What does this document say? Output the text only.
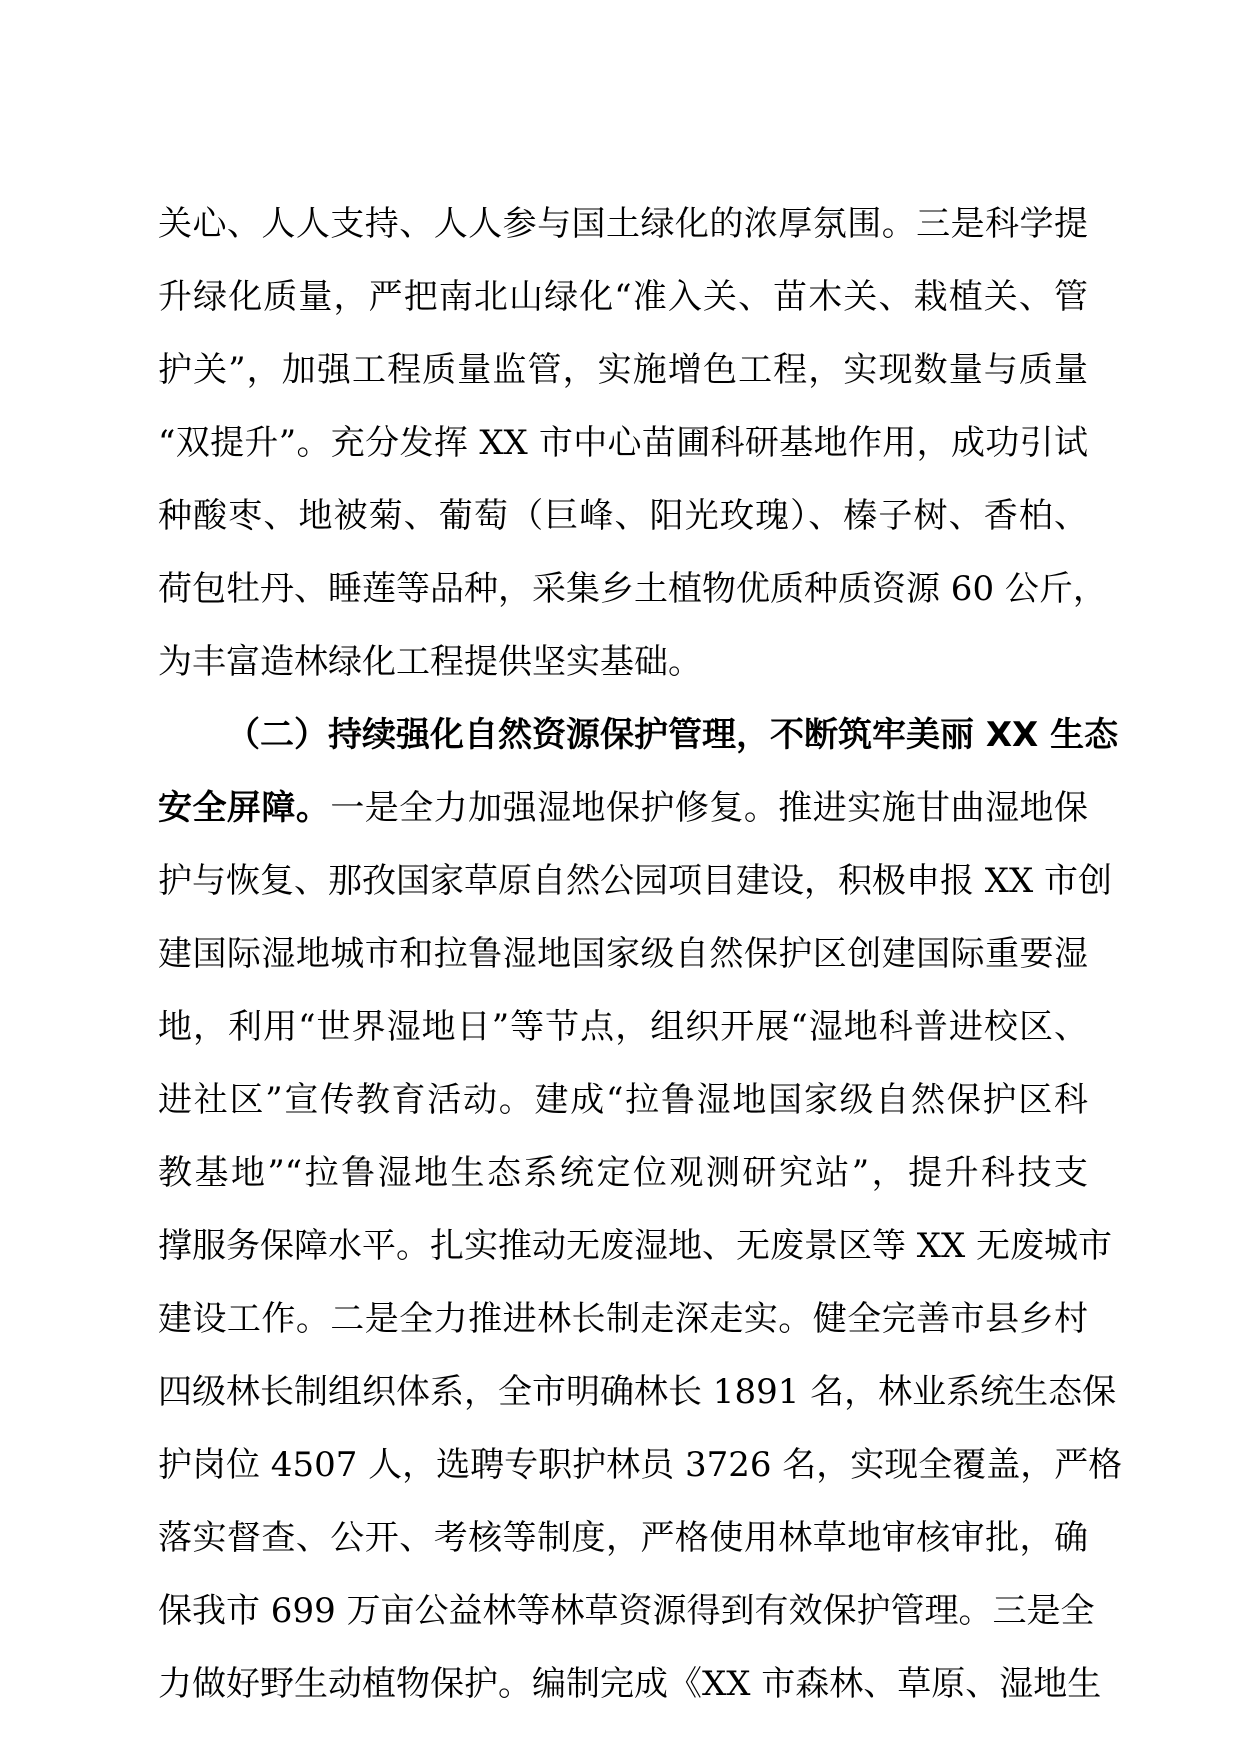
关心、人人支持、人人参与国土绿化的浓厚氛围。三是科学提
升绿化质量，严把南北山绿化“准入关、苗木关、栽植关、管
护关”，加强工程质量监管，实施增色工程，实现数量与质量
“双提升”。充分发挥 XX 市中心苗圃科研基地作用，成功引试
种酸枣、地被菊、葡萄（巨峰、阳光玫瑰）、榛子树、香柏、
荷包牡丹、睡莲等品种，采集乡土植物优质种质资源 60 公斤，
为丰富造林绿化工程提供坚实基础。
（二）持续强化自然资源保护管理，不断筑牢美丽 XX 生态
安全屏障。一是全力加强湿地保护修复。推进实施甘曲湿地保
护与恢复、那孜国家草原自然公园项目建设，积极申报 XX 市创
建国际湿地城市和拉鲁湿地国家级自然保护区创建国际重要湿
地，利用“世界湿地日”等节点，组织开展“湿地科普进校区、
进社区”宣传教育活动。建成“拉鲁湿地国家级自然保护区科
教基地”“拉鲁湿地生态系统定位观测研究站”，提升科技支
撑服务保障水平。扎实推动无废湿地、无废景区等 XX 无废城市
建设工作。二是全力推进林长制走深走实。健全完善市县乡村
四级林长制组织体系，全市明确林长 1891 名，林业系统生态保
护岗位 4507 人，选聘专职护林员 3726 名，实现全覆盖，严格
落实督查、公开、考核等制度，严格使用林草地审核审批，确
保我市 699 万亩公益林等林草资源得到有效保护管理。三是全
力做好野生动植物保护。编制完成《XX 市森林、草原、湿地生
